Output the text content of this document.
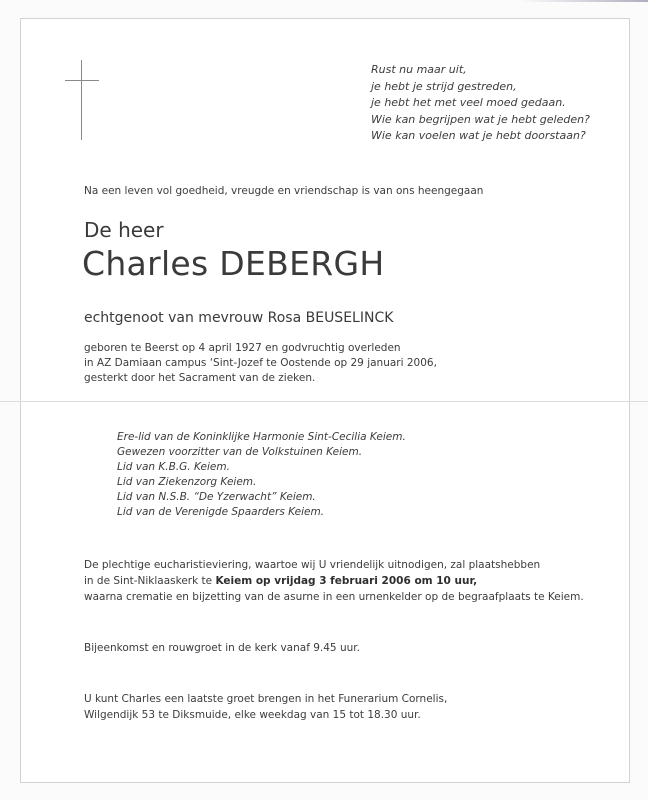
Rust nu maar uit,
je hebt je strijd gestreden,
je hebt het met veel moed gedaan.
Wie kan begrijpen wat je hebt geleden?
Wie kan voelen wat je hebt doorstaan?
Na een leven vol goedheid, vreugde en vriendschap is van ons heengegaan
De heer
Charles DEBERGH
echtgenoot van mevrouw Rosa BEUSELINCK
geboren te Beerst op 4 april 1927 en godvruchtig overleden
in AZ Damiaan campus ‘Sint-Jozef te Oostende op 29 januari 2006,
gesterkt door het Sacrament van de zieken.
Ere-lid van de Koninklijke Harmonie Sint-Cecilia Keiem.
Gewezen voorzitter van de Volkstuinen Keiem.
Lid van K.B.G. Keiem.
Lid van Ziekenzorg Keiem.
Lid van N.S.B. “De Yzerwacht” Keiem.
Lid van de Verenigde Spaarders Keiem.
De plechtige eucharistieviering, waartoe wij U vriendelijk uitnodigen, zal plaatshebben
in de Sint-Niklaaskerk te Keiem op vrijdag 3 februari 2006 om 10 uur,
waarna crematie en bijzetting van de asurne in een urnenkelder op de begraafplaats te Keiem.
Bijeenkomst en rouwgroet in de kerk vanaf 9.45 uur.
U kunt Charles een laatste groet brengen in het Funerarium Cornelis,
Wilgendijk 53 te Diksmuide, elke weekdag van 15 tot 18.30 uur.
